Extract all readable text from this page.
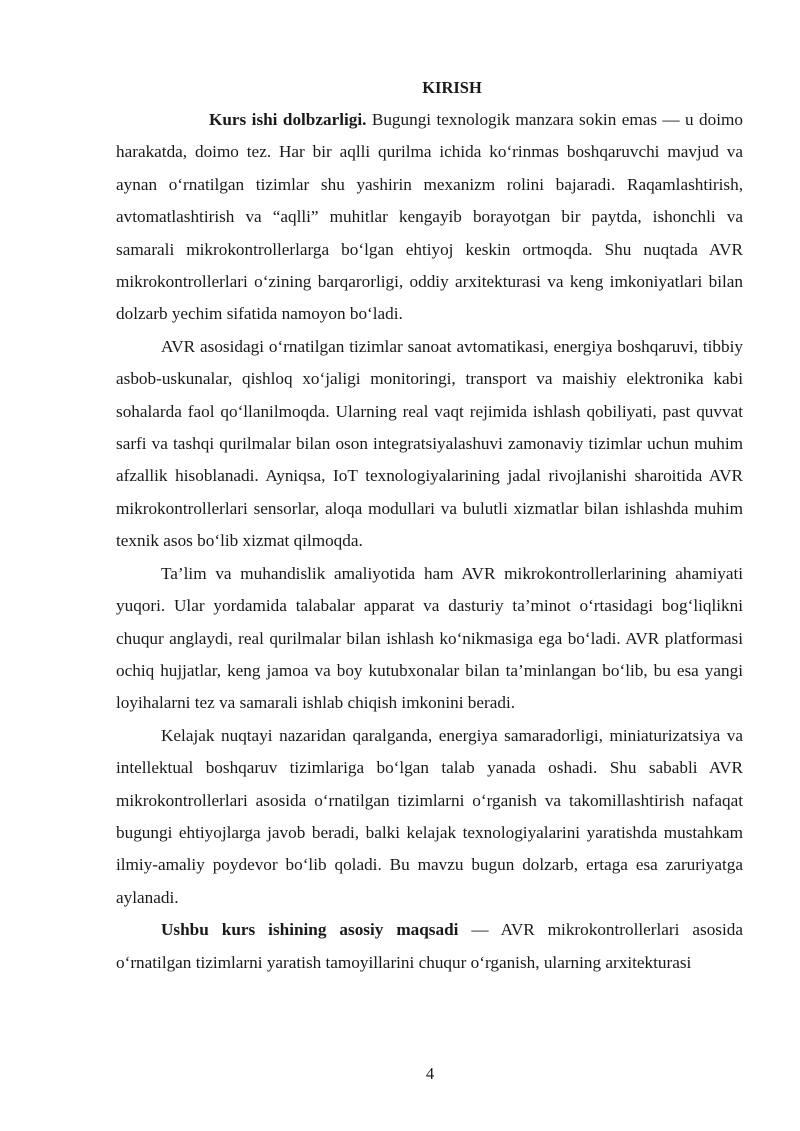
KIRISH

Kurs ishi dolbzarligi. Bugungi texnologik manzara sokin emas — u doimo harakatda, doimo tez. Har bir aqlli qurilma ichida koʻrinmas boshqaruvchi mavjud va aynan oʻrnatilgan tizimlar shu yashirin mexanizm rolini bajaradi. Raqamlashtirish, avtomatlashtirish va “aqlli” muhitlar kengayib borayotgan bir paytda, ishonchli va samarali mikrokontrollerlarga boʻlgan ehtiyoj keskin ortmoqda. Shu nuqtada AVR mikrokontrollerlari oʻzining barqarorligi, oddiy arxitekturasi va keng imkoniyatlari bilan dolzarb yechim sifatida namoyon boʻladi.

AVR asosidagi oʻrnatilgan tizimlar sanoat avtomatikasi, energiya boshqaruvi, tibbiy asbob-uskunalar, qishloq xoʻjaligi monitoringi, transport va maishiy elektronika kabi sohalarda faol qoʻllanilmoqda. Ularning real vaqt rejimida ishlash qobiliyati, past quvvat sarfi va tashqi qurilmalar bilan oson integratsiyalashuvi zamonaviy tizimlar uchun muhim afzallik hisoblanadi. Ayniqsa, IoT texnologiyalarining jadal rivojlanishi sharoitida AVR mikrokontrollerlari sensorlar, aloqa modullari va bulutli xizmatlar bilan ishlashda muhim texnik asos boʻlib xizmat qilmoqda.

Ta’lim va muhandislik amaliyotida ham AVR mikrokontrollerlarining ahamiyati yuqori. Ular yordamida talabalar apparat va dasturiy ta’minot oʻrtasidagi bogʻliqlikni chuqur anglaydi, real qurilmalar bilan ishlash koʻnikmasiga ega boʻladi. AVR platformasi ochiq hujjatlar, keng jamoa va boy kutubxonalar bilan ta’minlangan boʻlib, bu esa yangi loyihalarni tez va samarali ishlab chiqish imkonini beradi.

Kelajak nuqtayi nazaridan qaralganda, energiya samaradorligi, miniaturizatsiya va intellektual boshqaruv tizimlariga boʻlgan talab yanada oshadi. Shu sababli AVR mikrokontrollerlari asosida oʻrnatilgan tizimlarni oʻrganish va takomillashtirish nafaqat bugungi ehtiyojlarga javob beradi, balki kelajak texnologiyalarini yaratishda mustahkam ilmiy-amaliy poydevor boʻlib qoladi. Bu mavzu bugun dolzarb, ertaga esa zaruriyatga aylanadi.

Ushbu kurs ishining asosiy maqsadi — AVR mikrokontrollerlari asosida oʻrnatilgan tizimlarni yaratish tamoyillarini chuqur oʻrganish, ularning arxitekturasi

4
